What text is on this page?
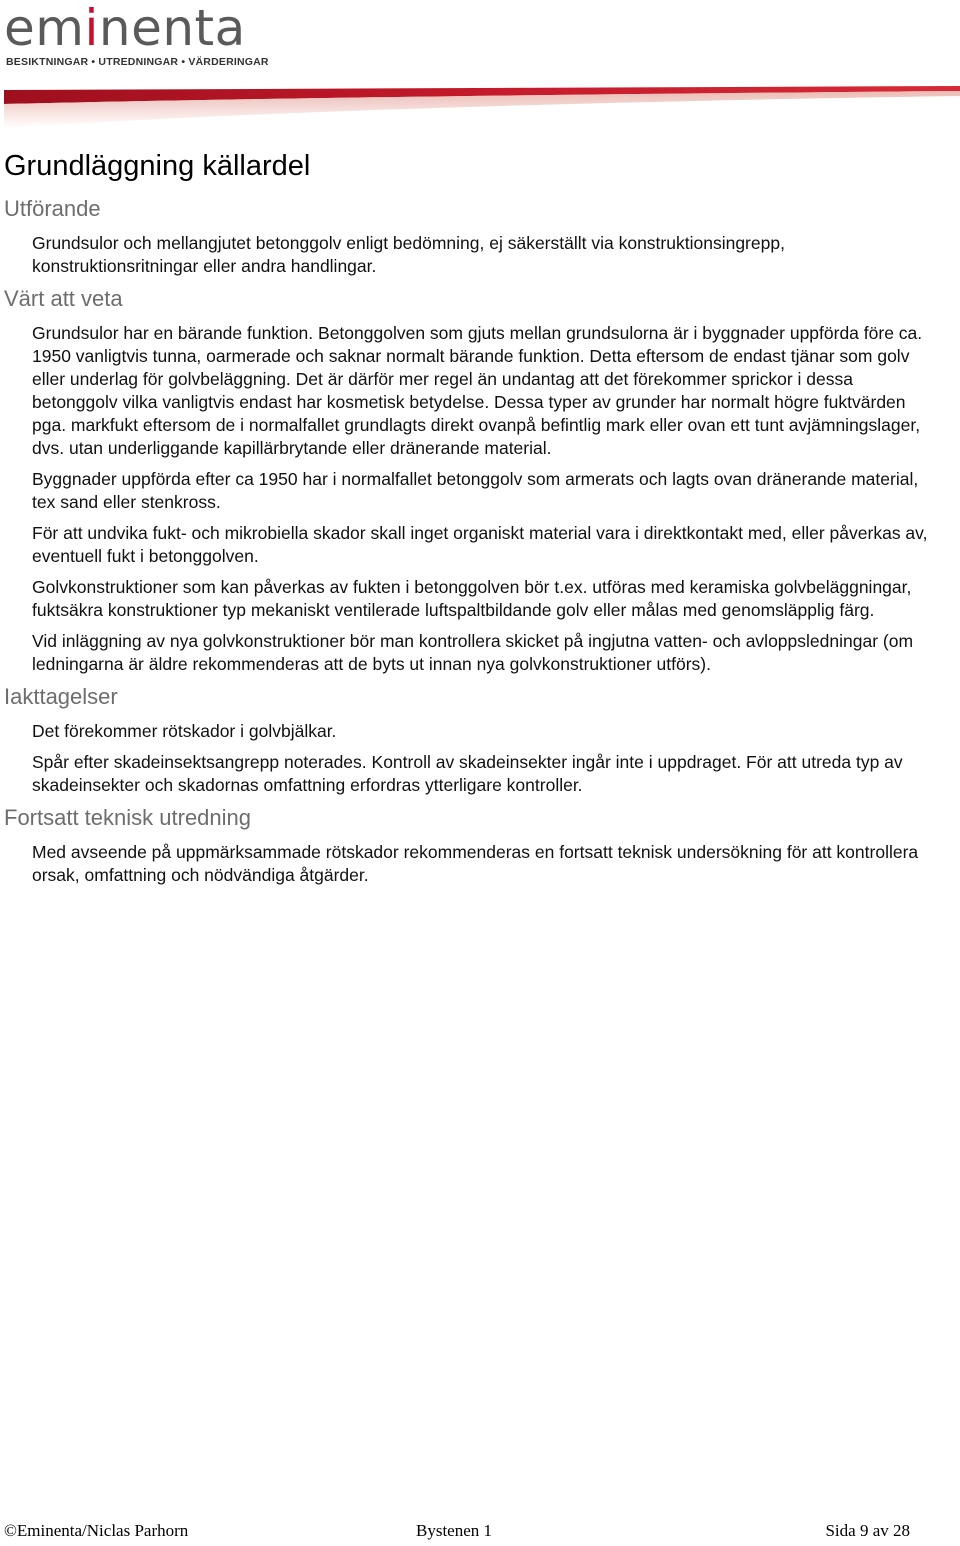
eminenta
BESIKTNINGAR • UTREDNINGAR • VÄRDERINGAR
Grundläggning källardel
Utförande

Grundsulor och mellangjutet betonggolv enligt bedömning, ej säkerställt via konstruktionsingrepp, konstruktionsritningar eller andra handlingar.

Värt att veta

Grundsulor har en bärande funktion. Betonggolven som gjuts mellan grundsulorna är i byggnader uppförda före ca. 1950 vanligtvis tunna, oarmerade och saknar normalt bärande funktion. Detta eftersom de endast tjänar som golv eller underlag för golvbeläggning. Det är därför mer regel än undantag att det förekommer sprickor i dessa betonggolv vilka vanligtvis endast har kosmetisk betydelse. Dessa typer av grunder har normalt högre fuktvärden pga. markfukt eftersom de i normalfallet grundlagts direkt ovanpå befintlig mark eller ovan ett tunt avjämningslager, dvs. utan underliggande kapillärbrytande eller dränerande material.

Byggnader uppförda efter ca 1950 har i normalfallet betonggolv som armerats och lagts ovan dränerande material, tex sand eller stenkross.

För att undvika fukt- och mikrobiella skador skall inget organiskt material vara i direktkontakt med, eller påverkas av, eventuell fukt i betonggolven.

Golvkonstruktioner som kan påverkas av fukten i betonggolven bör t.ex. utföras med keramiska golvbeläggningar, fuktsäkra konstruktioner typ mekaniskt ventilerade luftspaltbildande golv eller målas med genomsläpplig färg.

Vid inläggning av nya golvkonstruktioner bör man kontrollera skicket på ingjutna vatten- och avloppsledningar (om ledningarna är äldre rekommenderas att de byts ut innan nya golvkonstruktioner utförs).

Iakttagelser

Det förekommer rötskador i golvbjälkar.

Spår efter skadeinsektsangrepp noterades. Kontroll av skadeinsekter ingår inte i uppdraget. För att utreda typ av skadeinsekter och skadornas omfattning erfordras ytterligare kontroller.

Fortsatt teknisk utredning

Med avseende på uppmärksammade rötskador rekommenderas en fortsatt teknisk undersökning för att kontrollera orsak, omfattning och nödvändiga åtgärder.

©Eminenta/Niclas Parhorn	Bystenen 1	Sida 9 av 28
